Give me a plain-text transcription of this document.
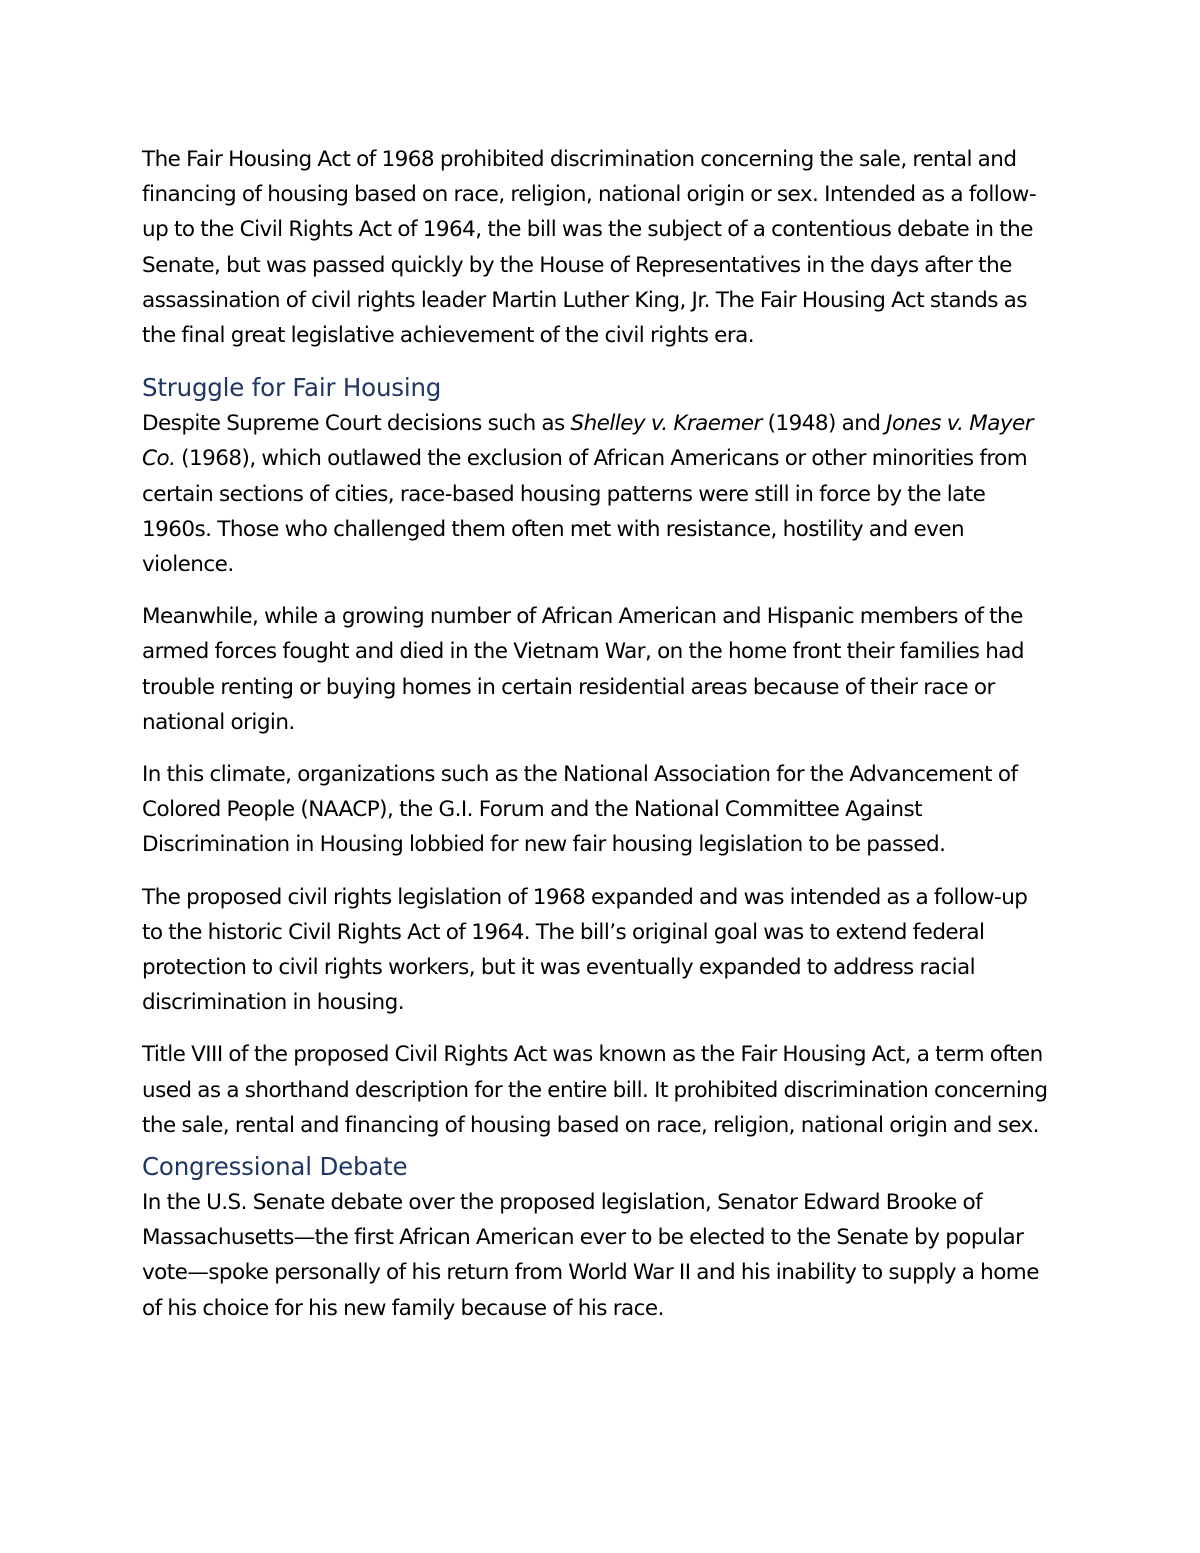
The Fair Housing Act of 1968 prohibited discrimination concerning the sale, rental and financing of housing based on race, religion, national origin or sex. Intended as a follow-up to the Civil Rights Act of 1964, the bill was the subject of a contentious debate in the Senate, but was passed quickly by the House of Representatives in the days after the assassination of civil rights leader Martin Luther King, Jr. The Fair Housing Act stands as the final great legislative achievement of the civil rights era.

Struggle for Fair Housing

Despite Supreme Court decisions such as Shelley v. Kraemer (1948) and Jones v. Mayer Co. (1968), which outlawed the exclusion of African Americans or other minorities from certain sections of cities, race-based housing patterns were still in force by the late 1960s. Those who challenged them often met with resistance, hostility and even violence.

Meanwhile, while a growing number of African American and Hispanic members of the armed forces fought and died in the Vietnam War, on the home front their families had trouble renting or buying homes in certain residential areas because of their race or national origin.

In this climate, organizations such as the National Association for the Advancement of Colored People (NAACP), the G.I. Forum and the National Committee Against Discrimination in Housing lobbied for new fair housing legislation to be passed.

The proposed civil rights legislation of 1968 expanded and was intended as a follow-up to the historic Civil Rights Act of 1964. The bill’s original goal was to extend federal protection to civil rights workers, but it was eventually expanded to address racial discrimination in housing.

Title VIII of the proposed Civil Rights Act was known as the Fair Housing Act, a term often used as a shorthand description for the entire bill. It prohibited discrimination concerning the sale, rental and financing of housing based on race, religion, national origin and sex.

Congressional Debate

In the U.S. Senate debate over the proposed legislation, Senator Edward Brooke of Massachusetts—the first African American ever to be elected to the Senate by popular vote—spoke personally of his return from World War II and his inability to supply a home of his choice for his new family because of his race.
